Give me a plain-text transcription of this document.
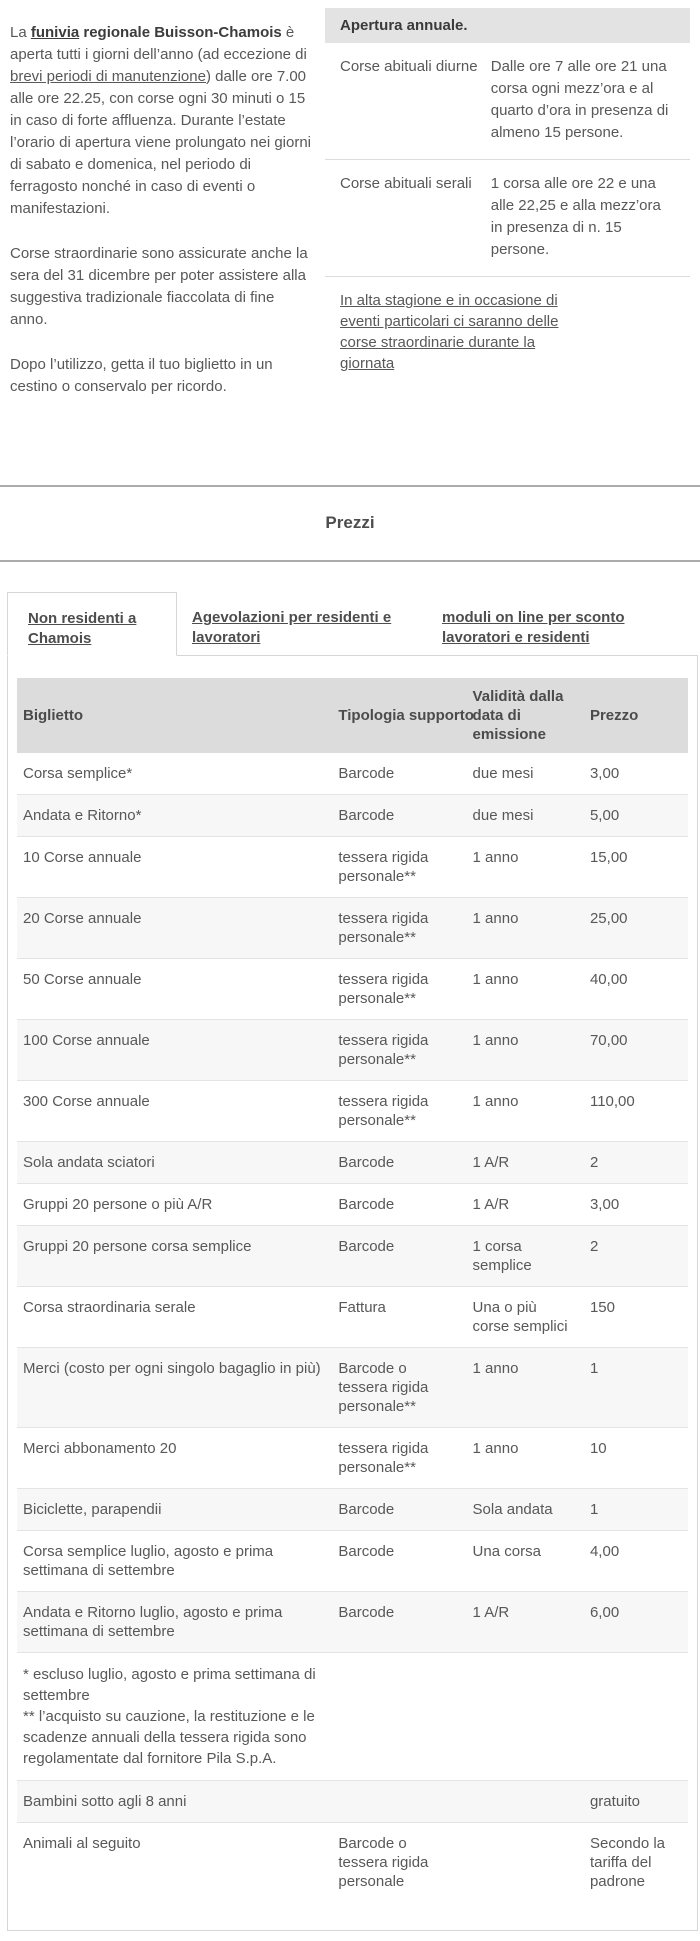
La funivia regionale Buisson-Chamois è aperta tutti i giorni dell’anno (ad eccezione di brevi periodi di manutenzione) dalle ore 7.00 alle ore 22.25, con corse ogni 30 minuti o 15 in caso di forte affluenza. Durante l’estate l’orario di apertura viene prolungato nei giorni di sabato e domenica, nel periodo di ferragosto nonché in caso di eventi o manifestazioni.

Corse straordinarie sono assicurate anche la sera del 31 dicembre per poter assistere alla suggestiva tradizionale fiaccolata di fine anno.

Dopo l’utilizzo, getta il tuo biglietto in un cestino o conservalo per ricordo.

Apertura annuale.
Corse abituali diurne Dalle ore 7 alle ore 21 una corsa ogni mezz’ora e al quarto d’ora in presenza di almeno 15 persone.
Corse abituali serali	1 corsa alle ore 22 e una alle 22,25 e alla mezz’ora in presenza di n. 15 persone.
In alta stagione e in occasione di eventi particolari ci saranno delle corse straordinarie durante la giornata
Prezzi
Non residenti a Chamois
Agevolazioni per residenti e lavoratori
moduli on line per sconto lavoratori e residenti
Biglietto	Tipologia supporto	Validità dalla data di emissione	Prezzo
Corsa semplice*	Barcode	due mesi	3,00
Andata e Ritorno*	Barcode	due mesi	5,00
10 Corse annuale	tessera rigida personale**	1 anno	15,00
20 Corse annuale	tessera rigida personale**	1 anno	25,00
50 Corse annuale	tessera rigida personale**	1 anno	40,00
100 Corse annuale	tessera rigida personale**	1 anno	70,00
300 Corse annuale	tessera rigida personale**	1 anno	110,00
Sola andata sciatori	Barcode	1 A/R	2
Gruppi 20 persone o più A/R	Barcode	1 A/R	3,00
Gruppi 20 persone corsa semplice	Barcode	1 corsa semplice	2
Corsa straordinaria serale	Fattura	Una o più corse semplici	150
Merci (costo per ogni singolo bagaglio in più)	Barcode o tessera rigida personale**	1 anno	1
Merci abbonamento 20	tessera rigida personale**	1 anno	10
Biciclette, parapendii	Barcode	Sola andata	1
Corsa semplice luglio, agosto e prima settimana di settembre	Barcode	Una corsa	4,00
Andata e Ritorno luglio, agosto e prima settimana di settembre	Barcode	1 A/R	6,00

* escluso luglio, agosto e prima settimana di settembre
** l’acquisto su cauzione, la restituzione e le scadenze annuali della tessera rigida sono regolamentate dal fornitore Pila S.p.A.			

Bambini sotto agli 8 anni			gratuito
Animali al seguito	Barcode o tessera rigida personale		Secondo la tariffa del padrone
